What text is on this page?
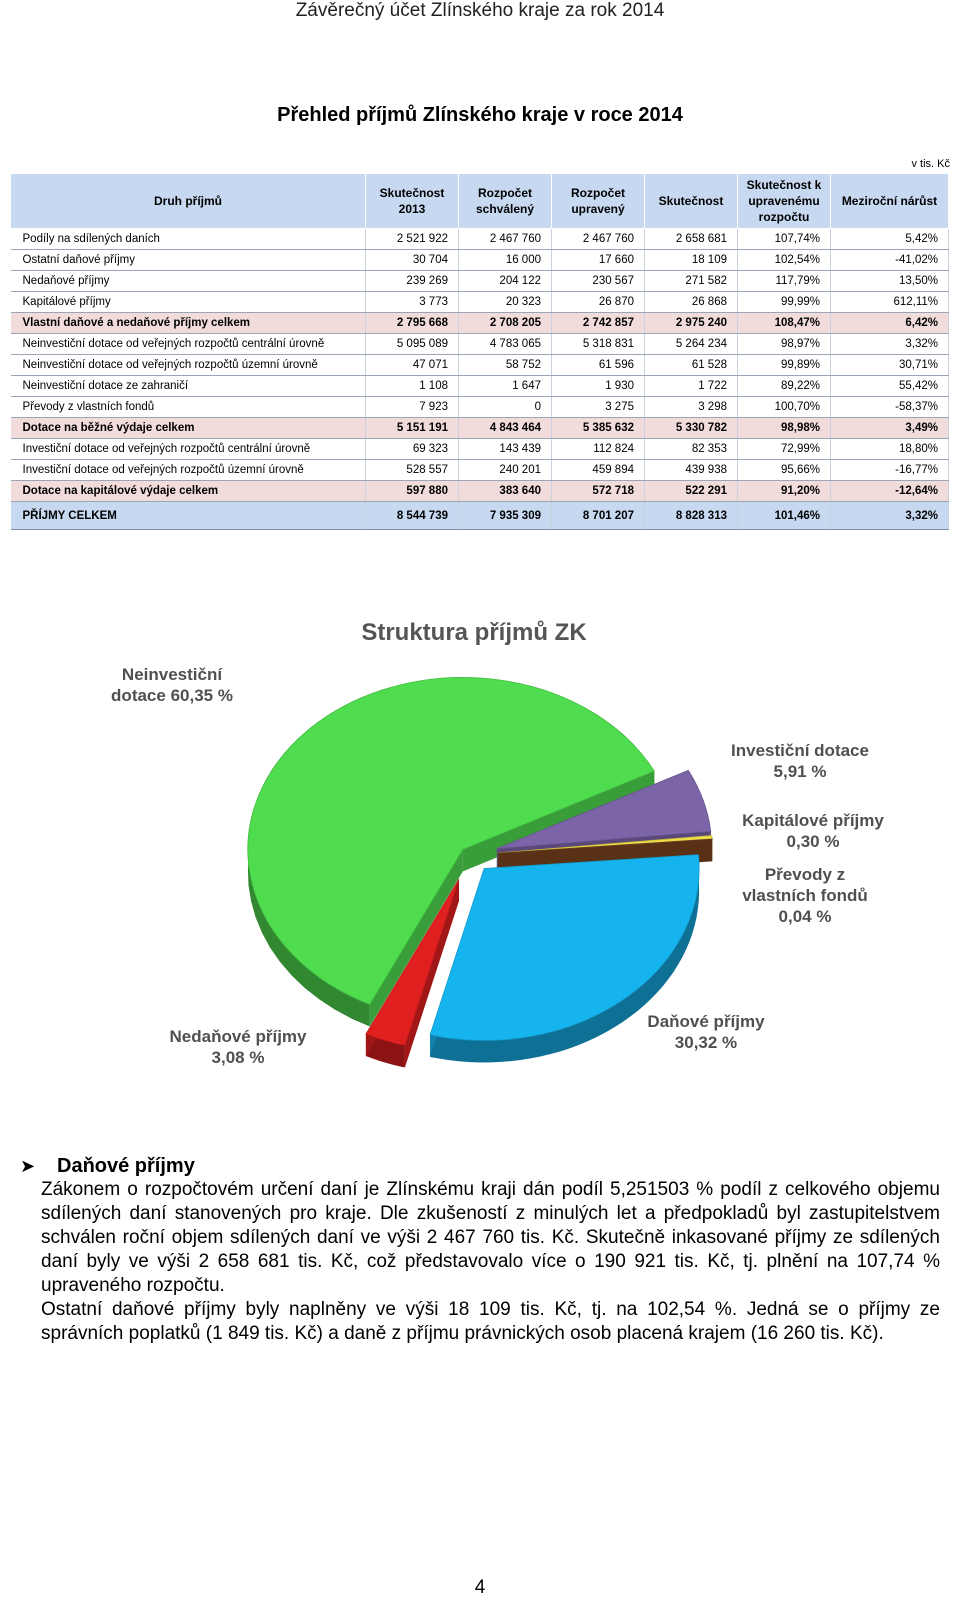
Závěrečný účet Zlínského kraje za rok 2014
Přehled příjmů Zlínského kraje v roce 2014
v tis. Kč
Druh příjmů	Skutečnost 2013	Rozpočet schválený	Rozpočet upravený	Skutečnost	Skutečnost k upravenému rozpočtu	Meziroční nárůst
Podíly na sdílených daních	2 521 922	2 467 760	2 467 760	2 658 681	107,74%	5,42%
Ostatní daňové příjmy	30 704	16 000	17 660	18 109	102,54%	-41,02%
Nedaňové příjmy	239 269	204 122	230 567	271 582	117,79%	13,50%
Kapitálové příjmy	3 773	20 323	26 870	26 868	99,99%	612,11%
Vlastní daňové a nedaňové příjmy celkem	2 795 668	2 708 205	2 742 857	2 975 240	108,47%	6,42%
Neinvestiční dotace od veřejných rozpočtů centrální úrovně	5 095 089	4 783 065	5 318 831	5 264 234	98,97%	3,32%
Neinvestiční dotace od veřejných rozpočtů územní úrovně	47 071	58 752	61 596	61 528	99,89%	30,71%
Neinvestiční dotace ze zahraničí	1 108	1 647	1 930	1 722	89,22%	55,42%
Převody z vlastních fondů	7 923	0	3 275	3 298	100,70%	-58,37%
Dotace na běžné výdaje celkem	5 151 191	4 843 464	5 385 632	5 330 782	98,98%	3,49%
Investiční dotace od veřejných rozpočtů centrální úrovně	69 323	143 439	112 824	82 353	72,99%	18,80%
Investiční dotace od veřejných rozpočtů územní úrovně	528 557	240 201	459 894	439 938	95,66%	-16,77%
Dotace na kapitálové výdaje celkem	597 880	383 640	572 718	522 291	91,20%	-12,64%
PŘÍJMY CELKEM	8 544 739	7 935 309	8 701 207	8 828 313	101,46%	3,32%
Struktura příjmů ZK
Daňové příjmy 30,32 %
Nedaňové příjmy 3,08 %
Neinvestiční dotace 60,35 %
Investiční dotace 5,91 %
Kapitálové příjmy 0,30 %
Převody z vlastních fondů 0,04 %
➤	Daňové příjmy

Zákonem o rozpočtovém určení daní je Zlínskému kraji dán podíl 5,251503 % podíl z celkového objemu sdílených daní stanovených pro kraje. Dle zkušeností z minulých let a předpokladů byl zastupitelstvem schválen roční objem sdílených daní ve výši 2 467 760 tis. Kč. Skutečně inkasované příjmy ze sdílených daní byly ve výši 2 658 681 tis. Kč, což představovalo více o 190 921 tis. Kč, tj. plnění na 107,74 % upraveného rozpočtu.

Ostatní daňové příjmy byly naplněny ve výši 18 109 tis. Kč, tj. na 102,54 %. Jedná se o příjmy ze správních poplatků (1 849 tis. Kč) a daně z příjmu právnických osob placená krajem (16 260 tis. Kč).

4
